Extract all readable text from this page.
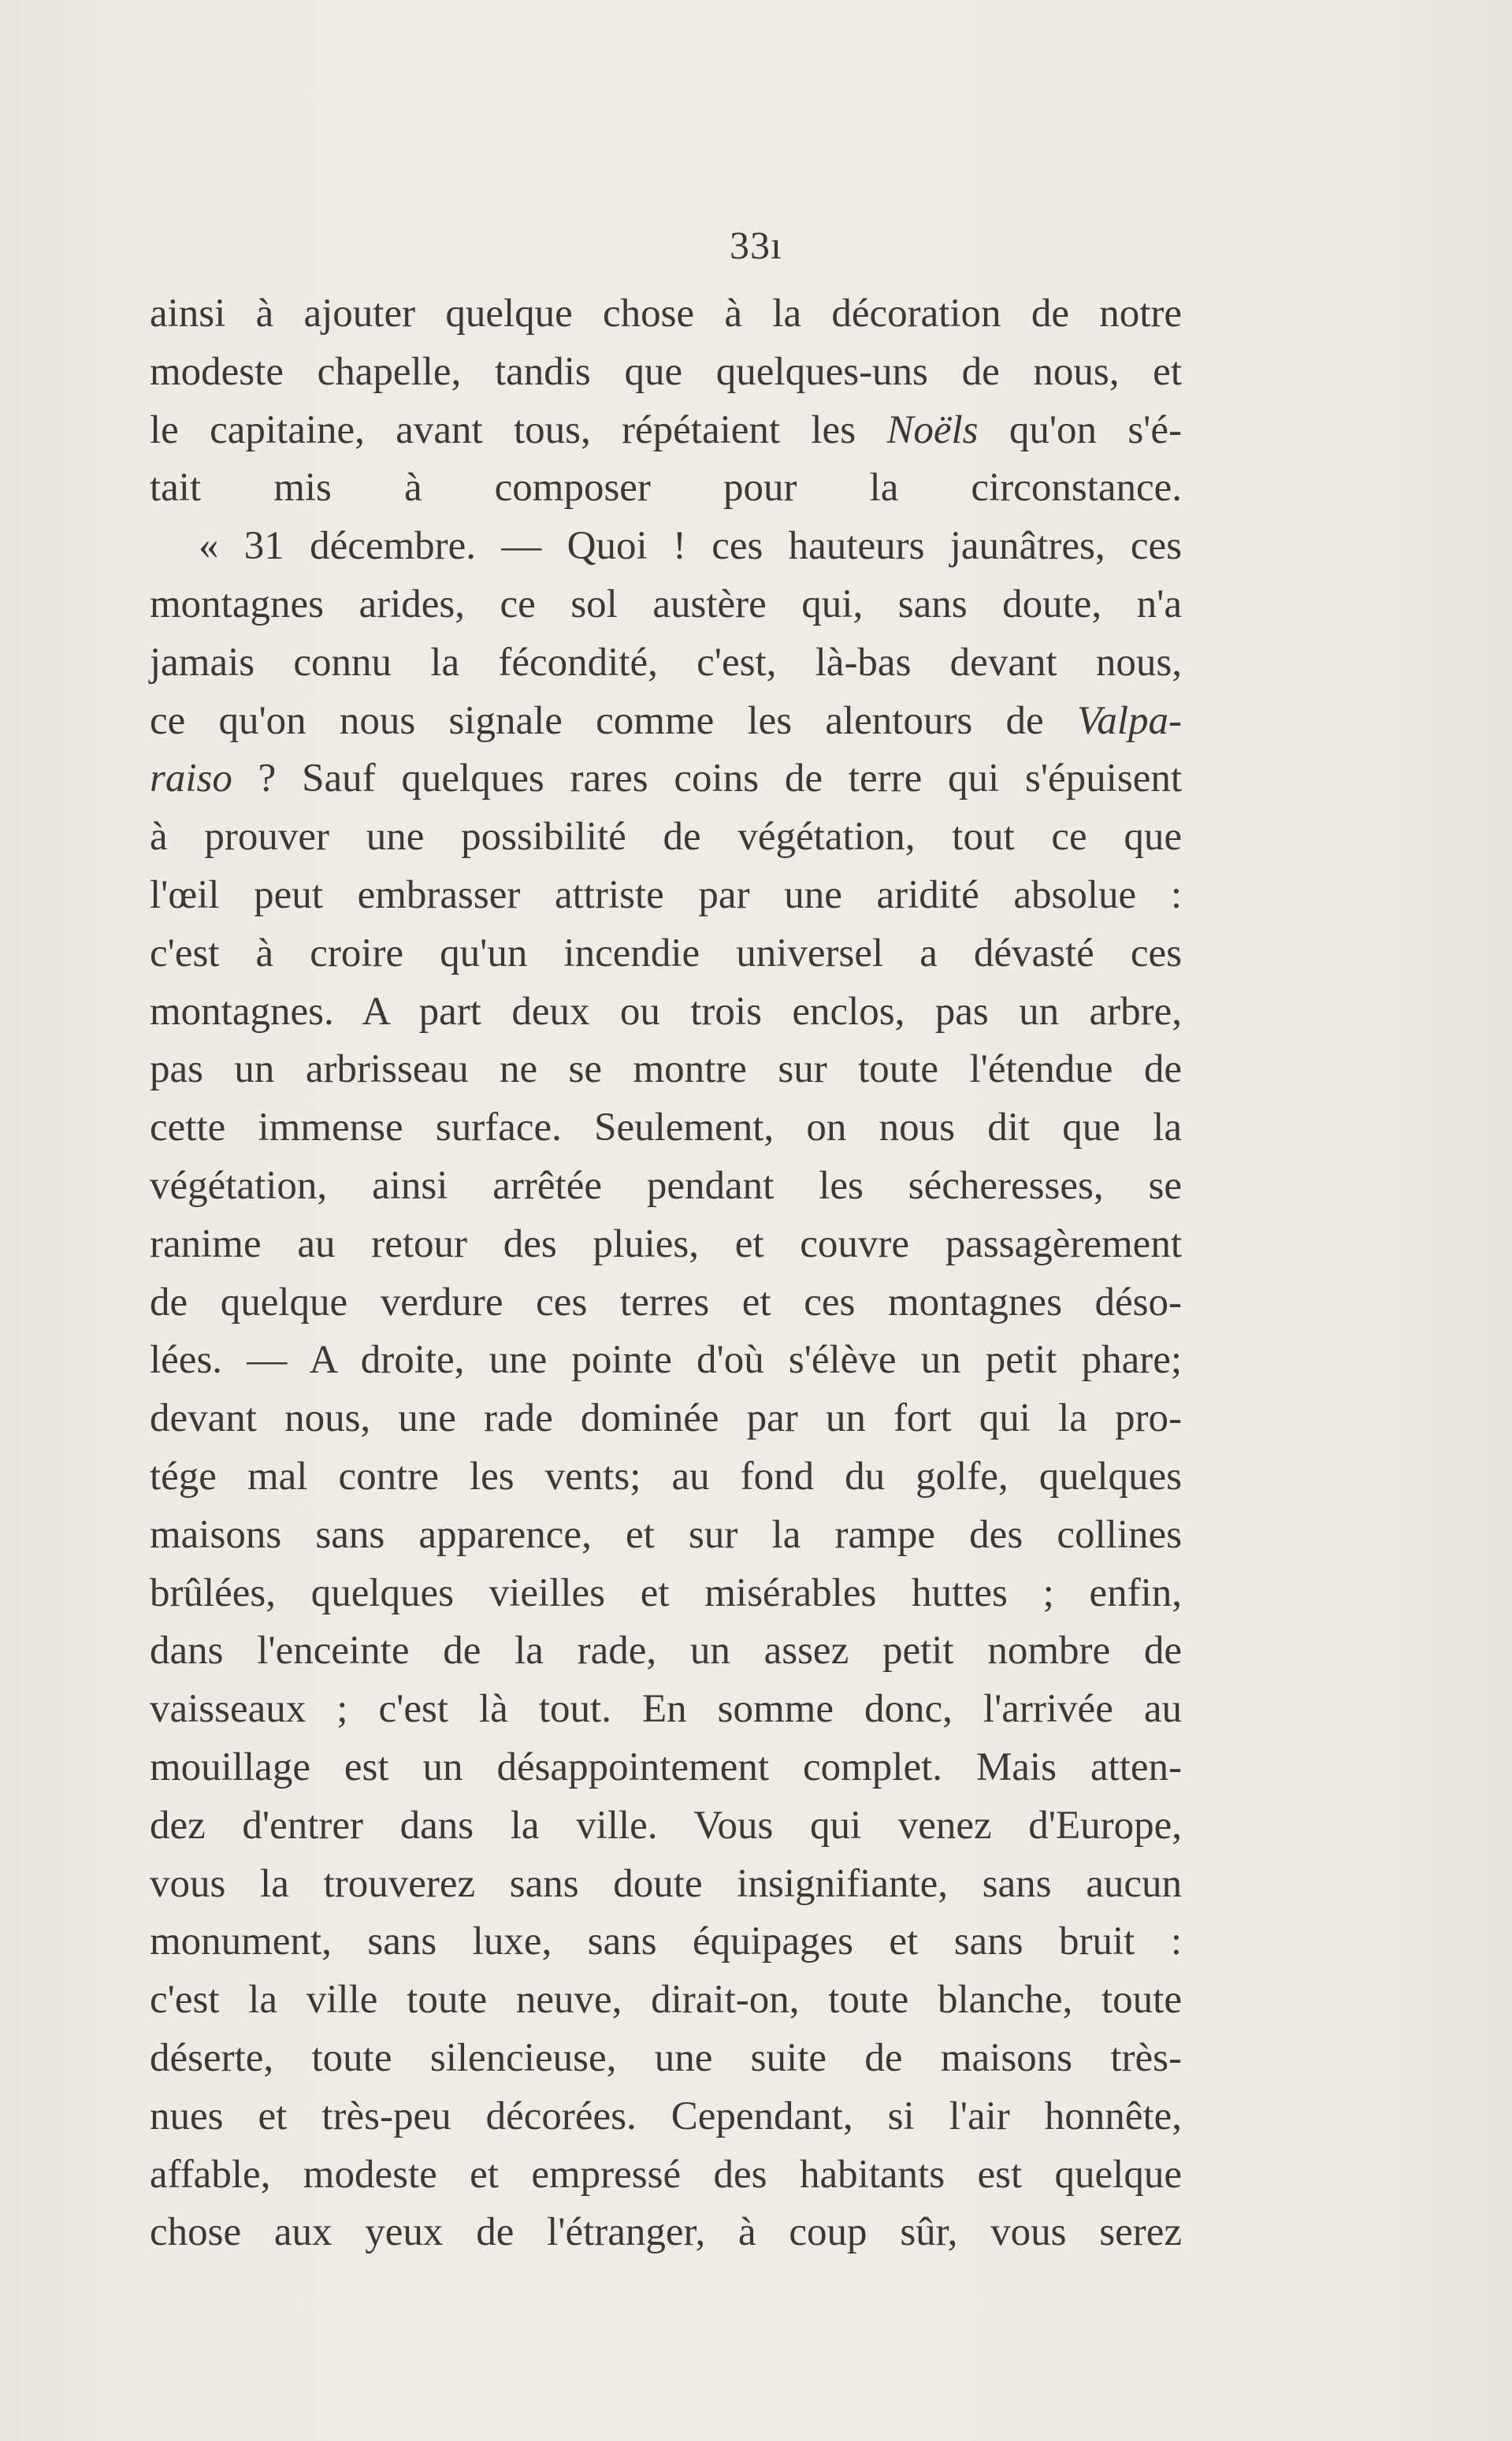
33ı
ainsi à ajouter quelque chose à la décoration de notre
modeste chapelle, tandis que quelques-uns de nous, et
le capitaine, avant tous, répétaient les Noëls qu'on s'é-
tait mis à composer pour la circonstance.
« 31 décembre. — Quoi ! ces hauteurs jaunâtres, ces
montagnes arides, ce sol austère qui, sans doute, n'a
jamais connu la fécondité, c'est, là-bas devant nous,
ce qu'on nous signale comme les alentours de Valpa-
raiso ? Sauf quelques rares coins de terre qui s'épuisent
à prouver une possibilité de végétation, tout ce que
l'œil peut embrasser attriste par une aridité absolue :
c'est à croire qu'un incendie universel a dévasté ces
montagnes. A part deux ou trois enclos, pas un arbre,
pas un arbrisseau ne se montre sur toute l'étendue de
cette immense surface. Seulement, on nous dit que la
végétation, ainsi arrêtée pendant les sécheresses, se
ranime au retour des pluies, et couvre passagèrement
de quelque verdure ces terres et ces montagnes déso-
lées. — A droite, une pointe d'où s'élève un petit phare;
devant nous, une rade dominée par un fort qui la pro-
tége mal contre les vents; au fond du golfe, quelques
maisons sans apparence, et sur la rampe des collines
brûlées, quelques vieilles et misérables huttes ; enfin,
dans l'enceinte de la rade, un assez petit nombre de
vaisseaux ; c'est là tout. En somme donc, l'arrivée au
mouillage est un désappointement complet. Mais atten-
dez d'entrer dans la ville. Vous qui venez d'Europe,
vous la trouverez sans doute insignifiante, sans aucun
monument, sans luxe, sans équipages et sans bruit :
c'est la ville toute neuve, dirait-on, toute blanche, toute
déserte, toute silencieuse, une suite de maisons très-
nues et très-peu décorées. Cependant, si l'air honnête,
affable, modeste et empressé des habitants est quelque
chose aux yeux de l'étranger, à coup sûr, vous serez
